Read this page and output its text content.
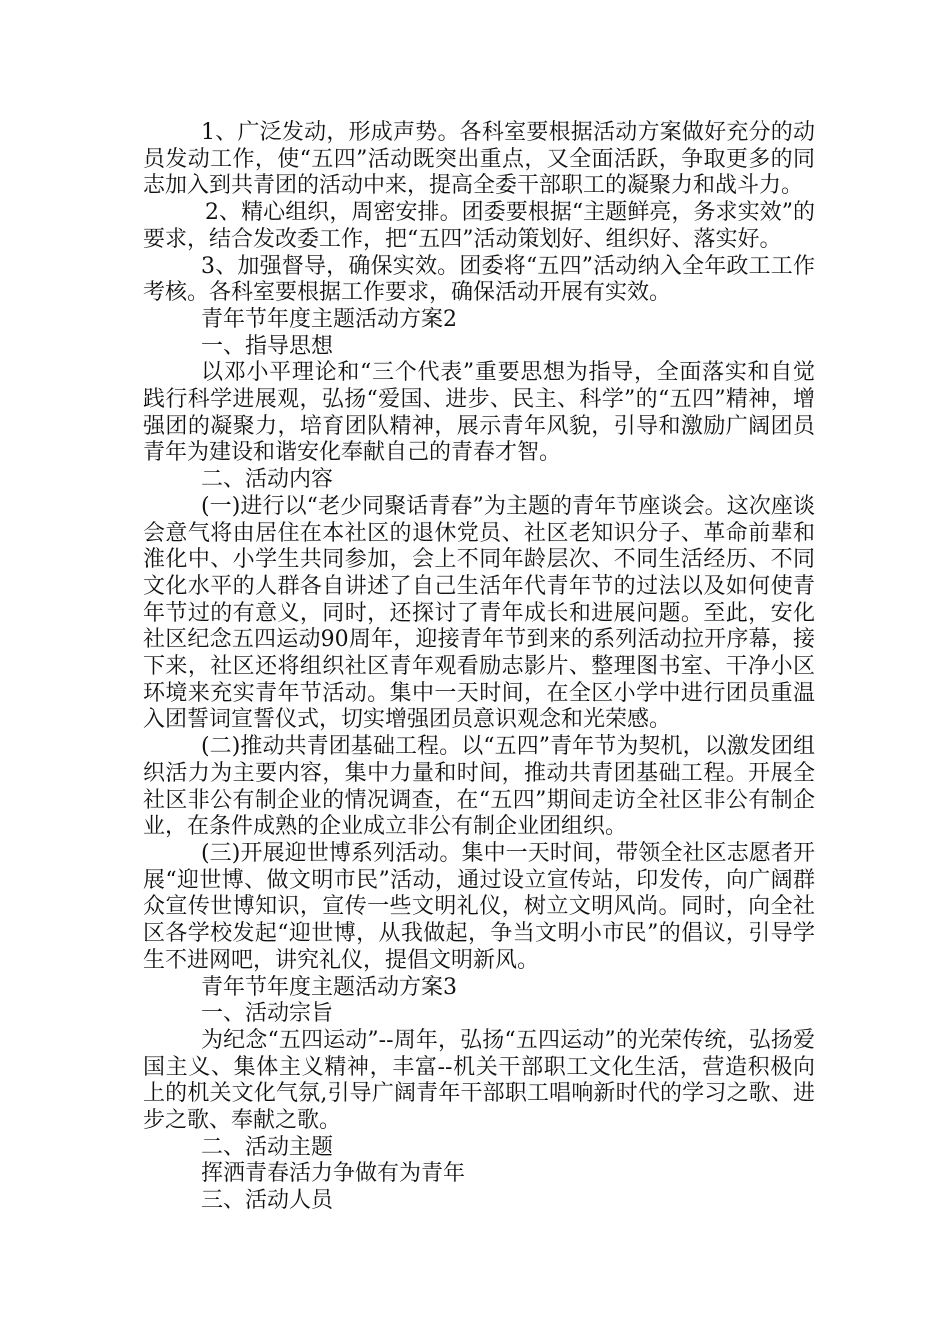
1、广泛发动，形成声势。各科室要根据活动方案做好充分的动员发动工作，使“五四”活动既突出重点，又全面活跃，争取更多的同志加入到共青团的活动中来，提高全委干部职工的凝聚力和战斗力。

2、精心组织，周密安排。团委要根据“主题鲜亮，务求实效”的要求，结合发改委工作，把“五四”活动策划好、组织好、落实好。

3、加强督导，确保实效。团委将“五四”活动纳入全年政工工作考核。各科室要根据工作要求，确保活动开展有实效。

青年节年度主题活动方案2

一、指导思想

以邓小平理论和“三个代表”重要思想为指导，全面落实和自觉践行科学进展观，弘扬“爱国、进步、民主、科学”的“五四”精神，增强团的凝聚力，培育团队精神，展示青年风貌，引导和激励广阔团员青年为建设和谐安化奉献自己的青春才智。

二、活动内容

(一)进行以“老少同聚话青春”为主题的青年节座谈会。这次座谈会意气将由居住在本社区的退休党员、社区老知识分子、革命前辈和淮化中、小学生共同参加，会上不同年龄层次、不同生活经历、不同文化水平的人群各自讲述了自己生活年代青年节的过法以及如何使青年节过的有意义，同时，还探讨了青年成长和进展问题。至此，安化社区纪念五四运动90周年，迎接青年节到来的系列活动拉开序幕，接下来，社区还将组织社区青年观看励志影片、整理图书室、干净小区环境来充实青年节活动。集中一天时间，在全区小学中进行团员重温入团誓词宣誓仪式，切实增强团员意识观念和光荣感。

(二)推动共青团基础工程。以“五四”青年节为契机，以激发团组织活力为主要内容，集中力量和时间，推动共青团基础工程。开展全社区非公有制企业的情况调查，在“五四”期间走访全社区非公有制企业，在条件成熟的企业成立非公有制企业团组织。

(三)开展迎世博系列活动。集中一天时间，带领全社区志愿者开展“迎世博、做文明市民”活动，通过设立宣传站，印发传，向广阔群众宣传世博知识，宣传一些文明礼仪，树立文明风尚。同时，向全社区各学校发起“迎世博，从我做起，争当文明小市民”的倡议，引导学生不进网吧，讲究礼仪，提倡文明新风。

青年节年度主题活动方案3

一、活动宗旨

为纪念“五四运动”--周年，弘扬“五四运动”的光荣传统，弘扬爱国主义、集体主义精神，丰富--机关干部职工文化生活，营造积极向上的机关文化气氛,引导广阔青年干部职工唱响新时代的学习之歌、进步之歌、奉献之歌。

二、活动主题

挥洒青春活力争做有为青年

三、活动人员
